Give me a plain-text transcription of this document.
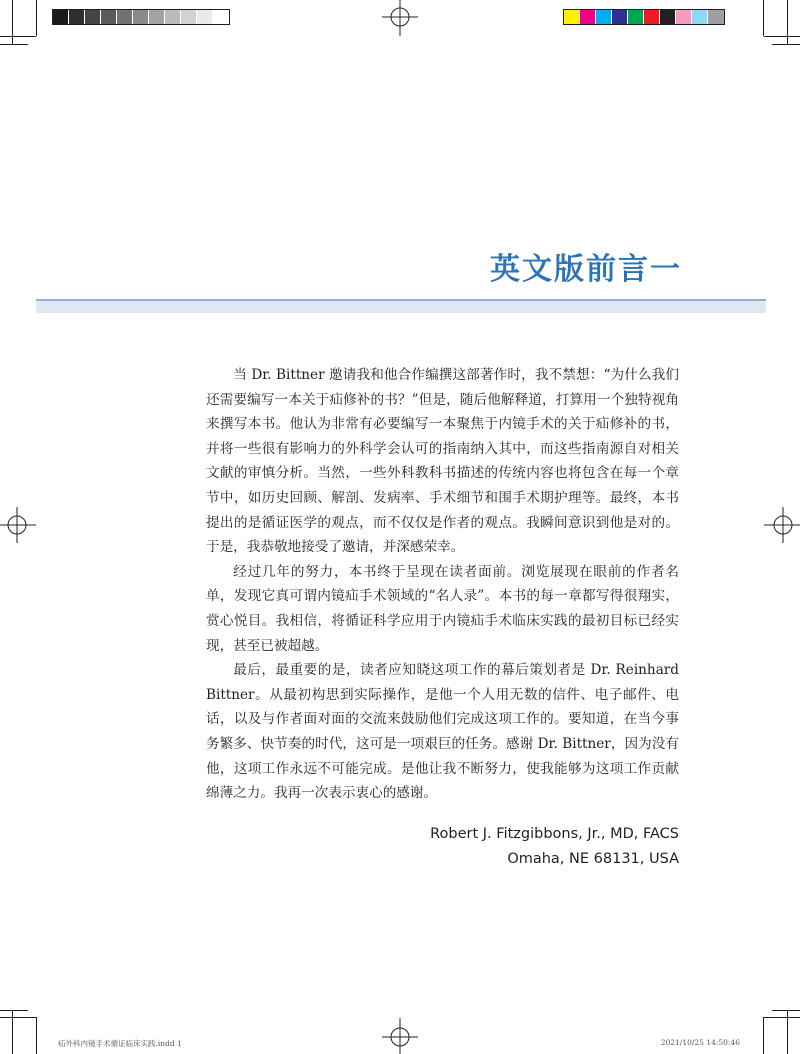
英文版前言一

当 Dr. Bittner 邀请我和他合作编撰这部著作时，我不禁想：“为什么我们还需要编写一本关于疝修补的书？”但是，随后他解释道，打算用一个独特视角来撰写本书。他认为非常有必要编写一本聚焦于内镜手术的关于疝修补的书，并将一些很有影响力的外科学会认可的指南纳入其中，而这些指南源自对相关文献的审慎分析。当然，一些外科教科书描述的传统内容也将包含在每一个章节中，如历史回顾、解剖、发病率、手术细节和围手术期护理等。最终，本书提出的是循证医学的观点，而不仅仅是作者的观点。我瞬间意识到他是对的。于是，我恭敬地接受了邀请，并深感荣幸。

经过几年的努力，本书终于呈现在读者面前。浏览展现在眼前的作者名单，发现它真可谓内镜疝手术领域的“名人录”。本书的每一章都写得很翔实，赏心悦目。我相信，将循证科学应用于内镜疝手术临床实践的最初目标已经实现，甚至已被超越。

最后，最重要的是，读者应知晓这项工作的幕后策划者是 Dr. Reinhard Bittner。从最初构思到实际操作，是他一个人用无数的信件、电子邮件、电话，以及与作者面对面的交流来鼓励他们完成这项工作的。要知道，在当今事务繁多、快节奏的时代，这可是一项艰巨的任务。感谢 Dr. Bittner，因为没有他，这项工作永远不可能完成。是他让我不断努力，使我能够为这项工作贡献绵薄之力。我再一次表示衷心的感谢。

Robert J. Fitzgibbons, Jr., MD, FACS
Omaha, NE 68131, USA
疝外科内镜手术循证临床实践.indd 1	2021/10/25 14:50:46
